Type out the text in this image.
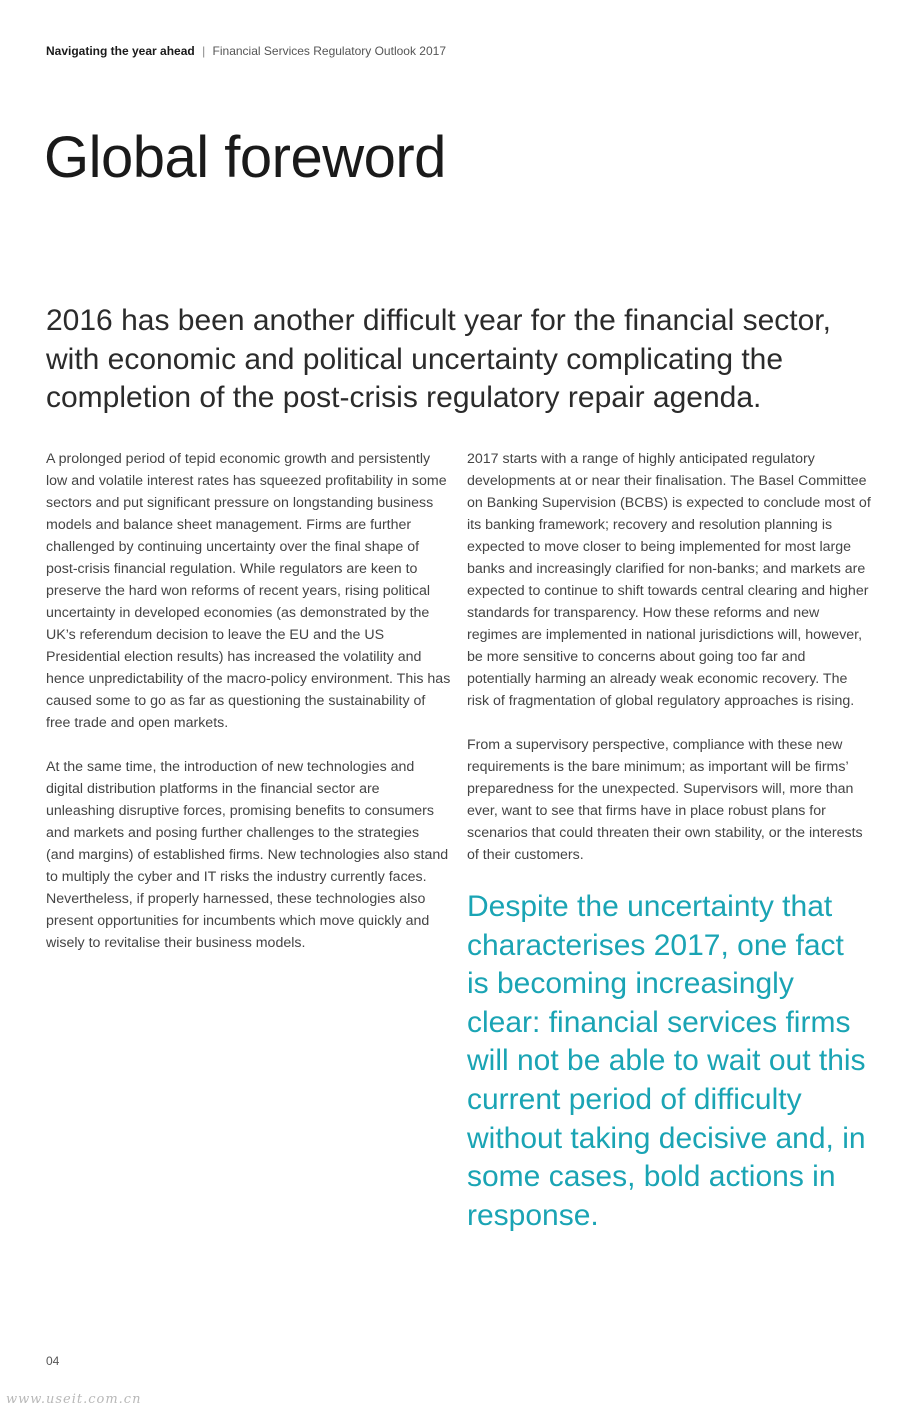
Navigating the year ahead | Financial Services Regulatory Outlook 2017
Global foreword
2016 has been another difficult year for the financial sector, with economic and political uncertainty complicating the completion of the post-crisis regulatory repair agenda.

A prolonged period of tepid economic growth and persistently low and volatile interest rates has squeezed profitability in some sectors and put significant pressure on longstanding business models and balance sheet management. Firms are further challenged by continuing uncertainty over the final shape of post-crisis financial regulation. While regulators are keen to preserve the hard won reforms of recent years, rising political uncertainty in developed economies (as demonstrated by the UK’s referendum decision to leave the EU and the US Presidential election results) has increased the volatility and hence unpredictability of the macro-policy environment. This has caused some to go as far as questioning the sustainability of free trade and open markets.

At the same time, the introduction of new technologies and digital distribution platforms in the financial sector are unleashing disruptive forces, promising benefits to consumers and markets and posing further challenges to the strategies (and margins) of established firms. New technologies also stand to multiply the cyber and IT risks the industry currently faces. Nevertheless, if properly harnessed, these technologies also present opportunities for incumbents which move quickly and wisely to revitalise their business models.

2017 starts with a range of highly anticipated regulatory developments at or near their finalisation. The Basel Committee on Banking Supervision (BCBS) is expected to conclude most of its banking framework; recovery and resolution planning is expected to move closer to being implemented for most large banks and increasingly clarified for non-banks; and markets are expected to continue to shift towards central clearing and higher standards for transparency. How these reforms and new regimes are implemented in national jurisdictions will, however, be more sensitive to concerns about going too far and potentially harming an already weak economic recovery. The risk of fragmentation of global regulatory approaches is rising.

From a supervisory perspective, compliance with these new requirements is the bare minimum; as important will be firms’ preparedness for the unexpected. Supervisors will, more than ever, want to see that firms have in place robust plans for scenarios that could threaten their own stability, or the interests of their customers.

Despite the uncertainty that characterises 2017, one fact is becoming increasingly clear: financial services firms will not be able to wait out this current period of difficulty without taking decisive and, in some cases, bold actions in response.
04
www.useit.com.cn
